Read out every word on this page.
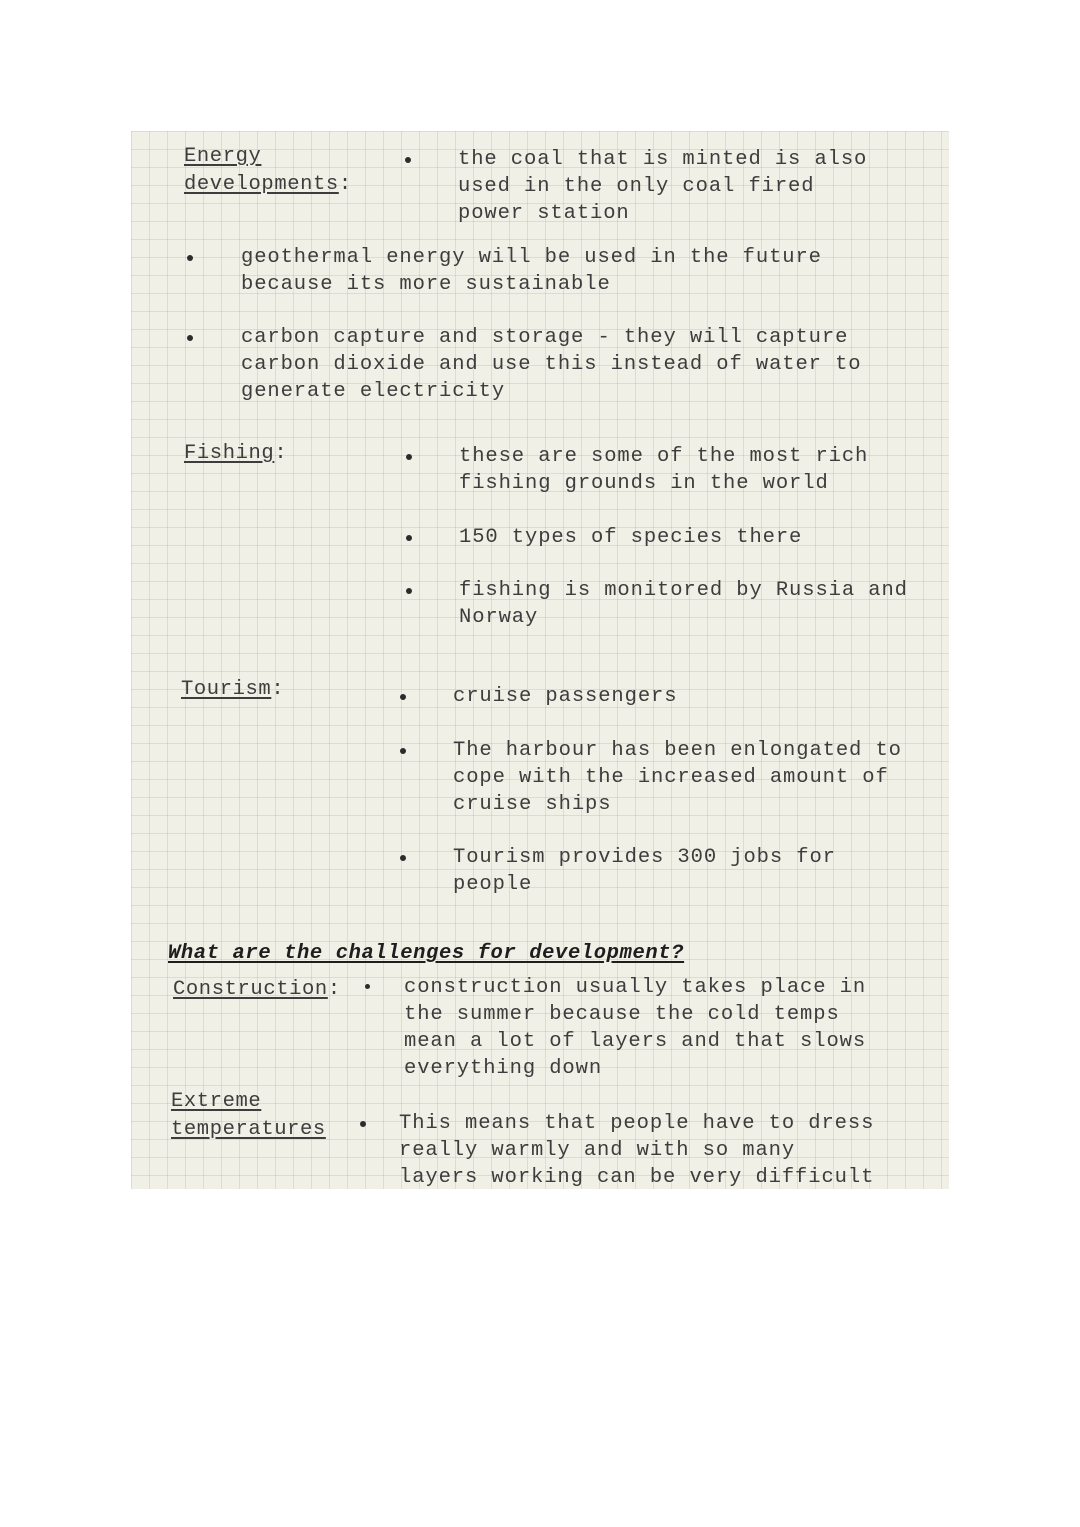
Energy
developments:
the coal that is minted is also
used in the only coal fired
power station
geothermal energy will be used in the future
because its more sustainable
carbon capture and storage - they will capture
carbon dioxide and use this instead of water to
generate electricity
Fishing:	these are some of the most rich
fishing grounds in the world
150 types of species there
fishing is monitored by Russia and
Norway
Tourism:	cruise passengers
The harbour has been enlongated to
cope with the increased amount of
cruise ships
Tourism provides 300 jobs for
people
What are the challenges for development?
Construction:	construction usually takes place in
the summer because the cold temps
mean a lot of layers and that slows
everything down
Extreme
temperatures	This means that people have to dress
really warmly and with so many
layers working can be very difficult
